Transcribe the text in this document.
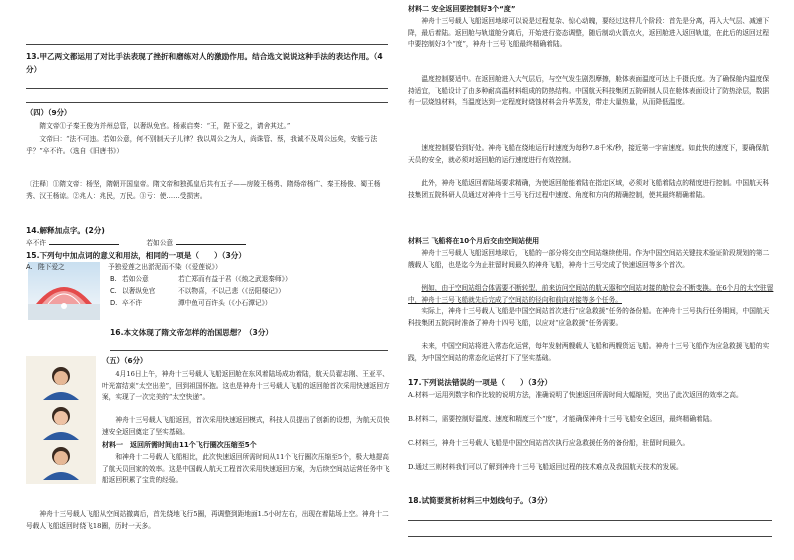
13.甲乙两文都运用了对比手法表现了挫折和磨练对人的激励作用。结合选文说说这种手法的表达作用。（4分）

（四）（9分）

隋文帝①子秦王俊为并州总管，以奢纵免官。杨素启奏：“王，陛下爱之，请舍其过。”

文帝曰：“法不可违。若如公意，何不别制天子儿律？我以周公之为人，尚诛管、蔡，我诚不及周公远矣，安能亏法乎？”卒不许。（选自《旧唐书》）

〔注释〕①隋文帝：杨坚，隋朝开国皇帝。隋文帝和独孤皇后共有五子——房陵王杨勇、隋炀帝杨广、秦王杨俊、蜀王杨秀、汉王杨谅。②兆人：兆民，万民。③亏：使……受损害。

14.解释加点字。(2分)

卒不许	若如公意

15.下列句中加点词的意义和用法，相同的一项是（　　）（3分）

A. 陛下爱之	予独爱莲之出淤泥而不染（《爱莲说》）
B. 若如公意	若亡郑而有益于君（《烛之武退秦师》）
C. 以奢纵免官	不以物喜，不以己悲（《岳阳楼记》）
D. 卒不许	潭中鱼可百许头（《小石潭记》）

16.本文体现了隋文帝怎样的治国思想？（3分）

（五）（6分）

4月16日上午，神舟十三号载人飞船返回舱在东风着陆场成功着陆，航天员翟志刚、王亚平、叶光富结束“太空出差”，回到祖国怀抱。这也是神舟十三号载人飞船的返回舱首次采用快速返回方案，实现了一次完美的“太空快递”。

神舟十三号载人飞船返回，首次采用快速返回模式，科技人员提出了创新的设想，为航天员快速安全返回奠定了坚实基础。

材料一　返回所需时间由11个飞行圈次压缩至5个

和神舟十二号载人飞船相比，此次快速返回所需时间从11个飞行圈次压缩至5个，极大地提高了航天员回家的效率。这是中国载人航天工程首次采用快速返回方案，为后续空间站运营任务中飞船返回积累了宝贵的经验。

神舟十三号载人飞船从空间站撤离后，首先绕地飞行5圈，再调整到距地面1.5小时左右，出现在着陆场上空。神舟十二号载人飞船返回时绕飞18圈，历时一天多。

材料二 安全返回要控制好3个“度”

神舟十三号载人飞船返回地球可以说是过程复杂、惊心动魄，要经过这样几个阶段：首先是分离，再入大气层、减速下降，最后着陆。返回舱与轨道舱分离后，开始进行姿态调整，随后制动火箭点火，返回舱进入返回轨道，在此后的返回过程中要控制好3个“度”，神舟十三号飞船最终精确着陆。

温度控制要适中。在返回舱进入大气层后，与空气发生剧烈摩擦，舱体表面温度可达上千摄氏度。为了确保舱内温度保持适宜，飞船设计了由多种耐高温材料组成的防热结构。中国航天科技集团五院研制人员在舱体表面设计了防热涂层，数据有一层烧蚀材料，当温度达到一定程度时烧蚀材料会升华蒸发，带走大量热量，从而降低温度。

速度控制要恰到好处。神舟飞船在绕地运行时速度为每秒7.8千米/秒，接近第一宇宙速度。如此快的速度下，要确保航天员的安全，就必须对返回舱的运行速度进行有效控制。

此外，神舟飞船返回着陆场要求精确，为使返回舱能着陆在指定区域，必须对飞船着陆点的精度进行控制。中国航天科技集团五院科研人员通过对神舟十三号飞行过程中速度、角度和方向的精确控制，使其最终精确着陆。

材料三 飞船将在10个月后交由空间站使用

神舟十三号载人飞船返回地球后，飞船的一部分将交由空间站继续使用。作为中国空间站关键技术验证阶段规划的第二艘载人飞船，也是迄今为止驻留时间最久的神舟飞船，神舟十三号完成了快速返回等多个首次。

例如，由于空间站组合体需要不断转型，前来访问空间站的航天器和空间站对接的舱位会不断变换。在6个月的太空驻留中，神舟十三号飞船就先后完成了空间站的径向和前向对接等多个任务。

实际上，神舟十三号载人飞船是中国空间站首次进行“应急救援”任务的备份船。在神舟十三号执行任务期间，中国航天科技集团五院同时准备了神舟十四号飞船，以应对“应急救援”任务需要。

未来，中国空间站将进入常态化运营，每年发射两艘载人飞船和两艘货运飞船。神舟十三号飞船作为应急救援飞船的实践，为中国空间站的常态化运营打下了坚实基础。

17.下列说法错误的一项是（　　）（3分）

A.材料一运用列数字和作比较的说明方法，准确说明了快速返回所需时间大幅缩短，突出了此次返回的效率之高。

B.材料二，需要控制好温度、速度和精度三个“度”，才能确保神舟十三号飞船安全返回，最终精确着陆。

C.材料三，神舟十三号载人飞船是中国空间站首次执行应急救援任务的备份船，驻留时间最久。

D.通过三则材料我们可以了解到神舟十三号飞船返回过程的技术难点及我国航天技术的发展。

18.试简要赏析材料三中划线句子。（3分）
